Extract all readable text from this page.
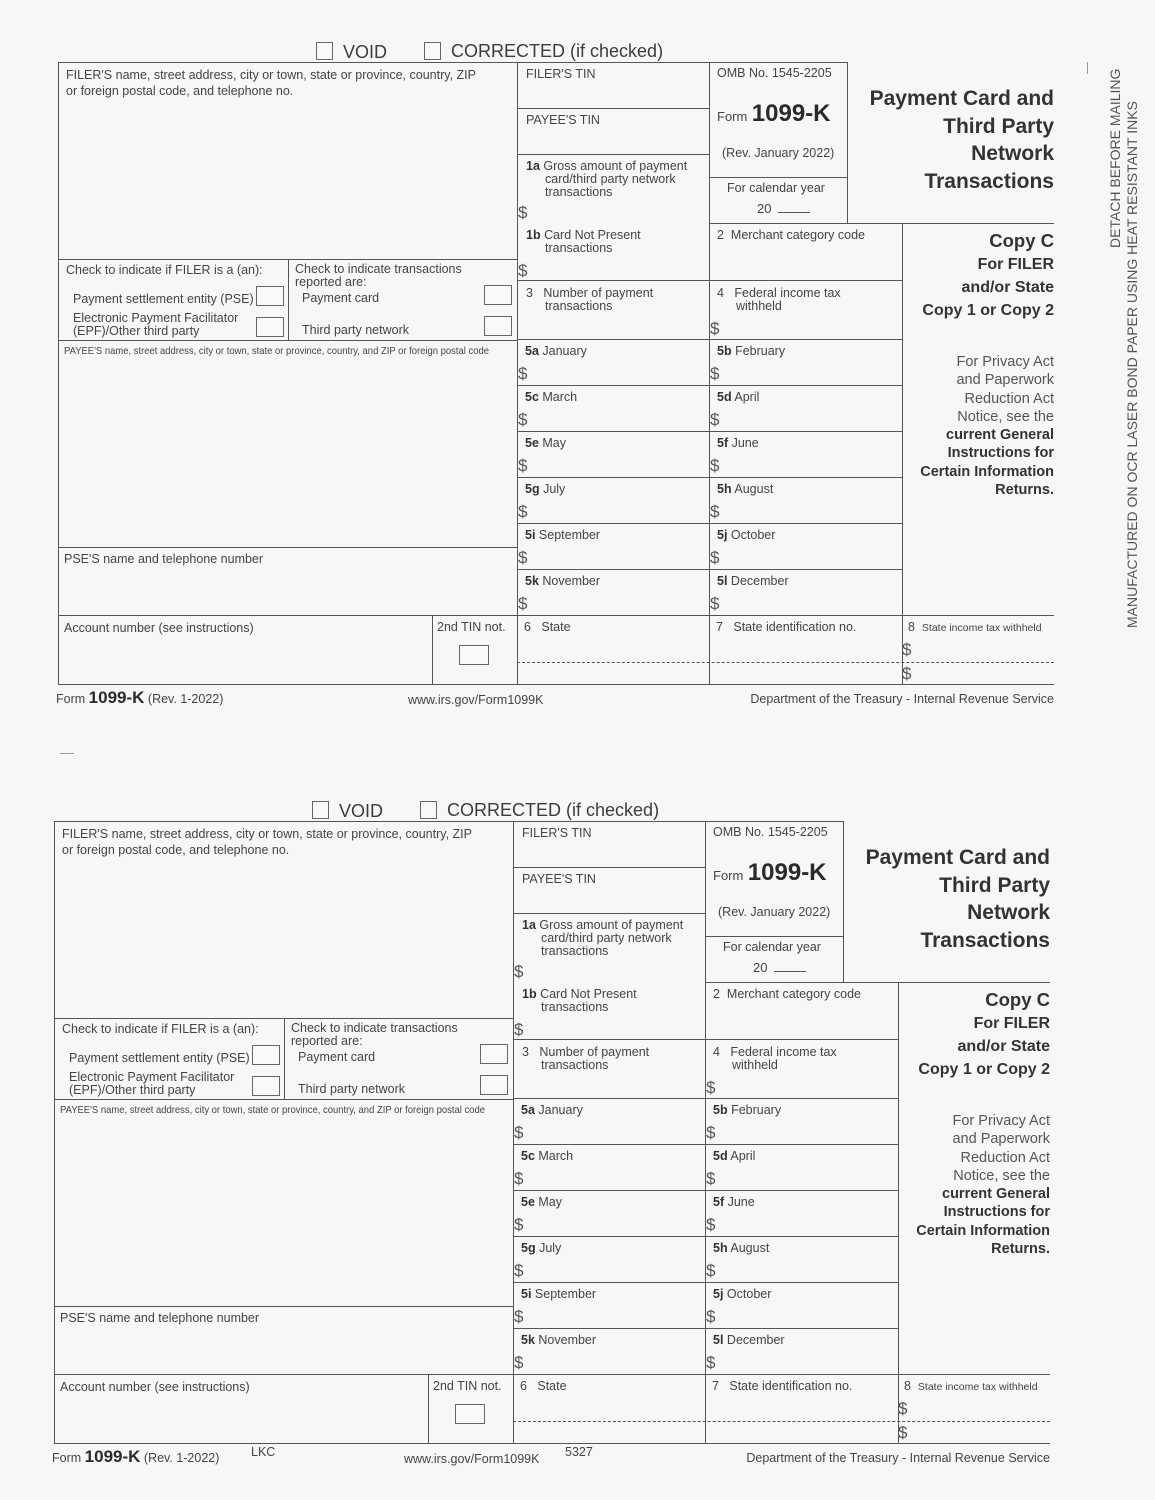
DETACH BEFORE MAILING MANUFACTURED ON OCR LASER BOND PAPER USING HEAT RESISTANT INKS
VOID	CORRECTED (if checked)
FILER'S name, street address, city or town, state or province, country, ZIP
or foreign postal code, and telephone no.
Check to indicate if FILER is a (an):
Payment settlement entity (PSE)
Electronic Payment Facilitator
(EPF)/Other third party
Check to indicate transactions
reported are:
Payment card
Third party network
PAYEE'S name, street address, city or town, state or province, country, and ZIP or foreign postal code
PSE'S name and telephone number
Account number (see instructions)	2nd TIN not.
FILER'S TIN
PAYEE'S TIN
OMB No. 1545-2205
Form 1099-K
(Rev. January 2022)
For calendar year
20
Payment Card and
Third Party
Network
Transactions
1a Gross amount of payment
card/third party network
transactions
$
1b Card Not Present
transactions
$
2 Merchant category code
3 Number of payment
transactions
4 Federal income tax
withheld
$
5a January
$
5b February
$
5c March
$
5d April
$
5e May
$
5f June
$
5g July
$
5h August
$
5i September
$
5j October
$
5k November
$
5l December
$
6 State	7 State identification no.	8 State income tax withheld
$
$
Copy C
For FILER
and/or State
Copy 1 or Copy 2
For Privacy Act
and Paperwork
Reduction Act
Notice, see the
current General
Instructions for
Certain Information
Returns.
Form 1099-K (Rev. 1-2022)	www.irs.gov/Form1099K	Department of the Treasury - Internal Revenue Service
VOID	CORRECTED (if checked)
FILER'S name, street address, city or town, state or province, country, ZIP
or foreign postal code, and telephone no.
Check to indicate if FILER is a (an):
Payment settlement entity (PSE)
Electronic Payment Facilitator
(EPF)/Other third party
Check to indicate transactions
reported are:
Payment card
Third party network
PAYEE'S name, street address, city or town, state or province, country, and ZIP or foreign postal code
PSE'S name and telephone number
Account number (see instructions)	2nd TIN not.
FILER'S TIN
PAYEE'S TIN
OMB No. 1545-2205
Form 1099-K
(Rev. January 2022)
For calendar year
20
Payment Card and
Third Party
Network
Transactions
1a Gross amount of payment
card/third party network
transactions
$
1b Card Not Present
transactions
$
2 Merchant category code
3 Number of payment
transactions
4 Federal income tax
withheld
$
5a January
$
5b February
$
5c March
$
5d April
$
5e May
$
5f June
$
5g July
$
5h August
$
5i September
$
5j October
$
5k November
$
5l December
$
6 State	7 State identification no.	8 State income tax withheld
$
$
Copy C
For FILER
and/or State
Copy 1 or Copy 2
For Privacy Act
and Paperwork
Reduction Act
Notice, see the
current General
Instructions for
Certain Information
Returns.
Form 1099-K (Rev. 1-2022)	www.irs.gov/Form1099K	Department of the Treasury - Internal Revenue Service
LKC	5327
